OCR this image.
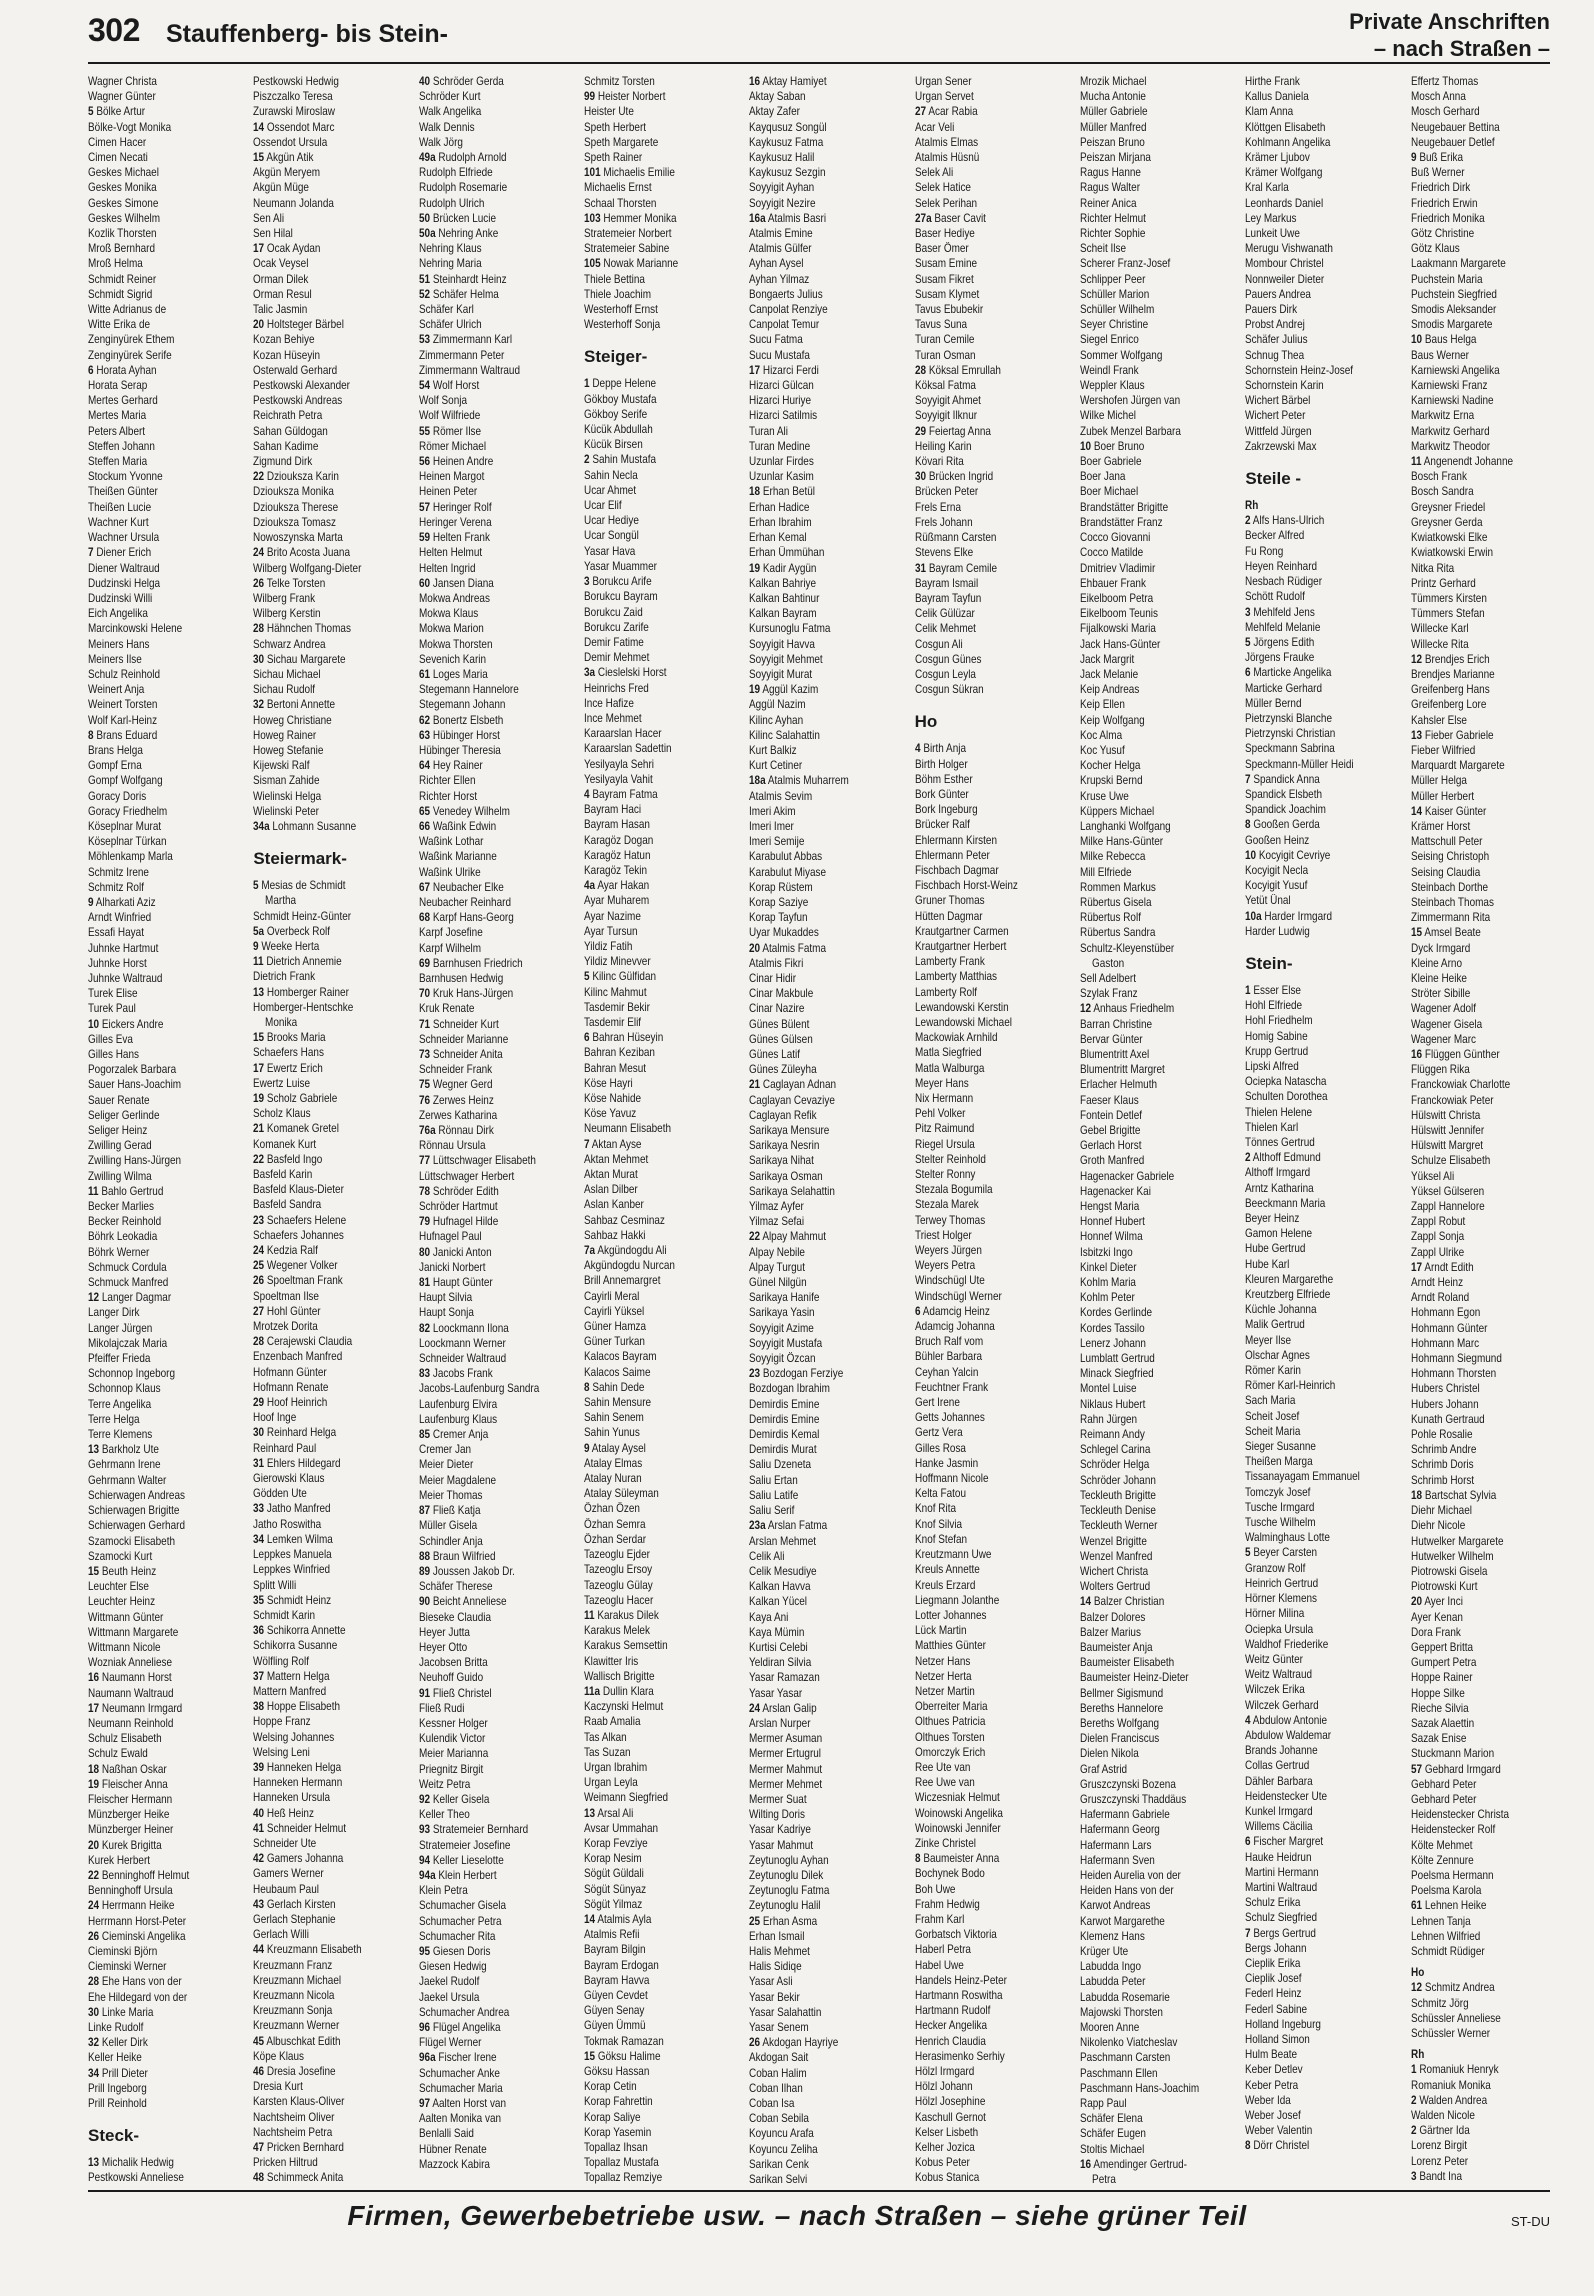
302 Stauffenberg- bis Stein-	Private Anschriften
– nach Straßen –
Wagner Christa
Wagner Günter
5 Bölke Artur
Bölke-Vogt Monika
Cimen Hacer
Cimen Necati
Geskes Michael
Geskes Monika
Geskes Simone
Geskes Wilhelm
Kozlik Thorsten
Mroß Bernhard
Mroß Helma
Schmidt Reiner
Schmidt Sigrid
Witte Adrianus de
Witte Erika de
Zenginyürek Ethem
Zenginyürek Serife
6 Horata Ayhan
Horata Serap
Mertes Gerhard
Mertes Maria
Peters Albert
Steffen Johann
Steffen Maria
Stockum Yvonne
Theißen Günter
Theißen Lucie
Wachner Kurt
Wachner Ursula
7 Diener Erich
Diener Waltraud
Dudzinski Helga
Dudzinski Willi
Eich Angelika
Marcinkowski Helene
Meiners Hans
Meiners Ilse
Schulz Reinhold
Weinert Anja
Weinert Torsten
Wolf Karl-Heinz
8 Brans Eduard
Brans Helga
Gompf Erna
Gompf Wolfgang
Goracy Doris
Goracy Friedhelm
Köseplnar Murat
Köseplnar Türkan
Möhlenkamp Marla
Schmitz Irene
Schmitz Rolf
9 Alharkati Aziz
Arndt Winfried
Essafi Hayat
Juhnke Hartmut
Juhnke Horst
Juhnke Waltraud
Turek Elise
Turek Paul
10 Eickers Andre
Gilles Eva
Gilles Hans
Pogorzalek Barbara
Sauer Hans-Joachim
Sauer Renate
Seliger Gerlinde
Seliger Heinz
Zwilling Gerad
Zwilling Hans-Jürgen
Zwilling Wilma
11 Bahlo Gertrud
Becker Marlies
Becker Reinhold
Böhrk Leokadia
Böhrk Werner
Schmuck Cordula
Schmuck Manfred
12 Langer Dagmar
Langer Dirk
Langer Jürgen
Mikolajczak Maria
Pfeiffer Frieda
Schonnop Ingeborg
Schonnop Klaus
Terre Angelika
Terre Helga
Terre Klemens
13 Barkholz Ute
Gehrmann Irene
Gehrmann Walter
Schierwagen Andreas
Schierwagen Brigitte
Schierwagen Gerhard
Szamocki Elisabeth
Szamocki Kurt
15 Beuth Heinz
Leuchter Else
Leuchter Heinz
Wittmann Günter
Wittmann Margarete
Wittmann Nicole
Wozniak Anneliese
16 Naumann Horst
Naumann Waltraud
17 Neumann Irmgard
Neumann Reinhold
Schulz Elisabeth
Schulz Ewald
18 Naßhan Oskar
19 Fleischer Anna
Fleischer Hermann
Münzberger Heike
Münzberger Heiner
20 Kurek Brigitta
Kurek Herbert
22 Benninghoff Helmut
Benninghoff Ursula
24 Herrmann Heike
Herrmann Horst-Peter
26 Cieminski Angelika
Cieminski Björn
Cieminski Werner
28 Ehe Hans von der
Ehe Hildegard von der
30 Linke Maria
Linke Rudolf
32 Keller Dirk
Keller Heike
34 Prill Dieter
Prill Ingeborg
Prill Reinhold
Steck-
13 Michalik Hedwig
Pestkowski Anneliese
Pestkowski Hedwig
Piszczalko Teresa
Zurawski Miroslaw
14 Ossendot Marc
Ossendot Ursula
15 Akgün Atik
Akgün Meryem
Akgün Müge
Neumann Jolanda
Sen Ali
Sen Hilal
17 Ocak Aydan
Ocak Veysel
Orman Dilek
Orman Resul
Talic Jasmin
20 Holtsteger Bärbel
Kozan Behiye
Kozan Hüseyin
Osterwald Gerhard
Pestkowski Alexander
Pestkowski Andreas
Reichrath Petra
Sahan Güldogan
Sahan Kadime
Zigmund Dirk
22 Dziouksza Karin
Dziouksza Monika
Dziouksza Therese
Dziouksza Tomasz
Nowoszynska Marta
24 Brito Acosta Juana
Wilberg Wolfgang-Dieter
26 Telke Torsten
Wilberg Frank
Wilberg Kerstin
28 Hähnchen Thomas
Schwarz Andrea
30 Sichau Margarete
Sichau Michael
Sichau Rudolf
32 Bertoni Annette
Howeg Christiane
Howeg Rainer
Howeg Stefanie
Kijewski Ralf
Sisman Zahide
Wielinski Helga
Wielinski Peter
34a Lohmann Susanne
Steiermark-
5 Mesias de Schmidt
Martha
Schmidt Heinz-Günter
5a Overbeck Rolf
9 Weeke Herta
11 Dietrich Annemie
Dietrich Frank
13 Homberger Rainer
Homberger-Hentschke
Monika
15 Brooks Maria
Schaefers Hans
17 Ewertz Erich
Ewertz Luise
19 Scholz Gabriele
Scholz Klaus
21 Komanek Gretel
Komanek Kurt
22 Basfeld Ingo
Basfeld Karin
Basfeld Klaus-Dieter
Basfeld Sandra
23 Schaefers Helene
Schaefers Johannes
24 Kedzia Ralf
25 Wegener Volker
26 Spoeltman Frank
Spoeltman Ilse
27 Hohl Günter
Mrotzek Dorita
28 Cerajewski Claudia
Enzenbach Manfred
Hofmann Günter
Hofmann Renate
29 Hoof Heinrich
Hoof Inge
30 Reinhard Helga
Reinhard Paul
31 Ehlers Hildegard
Gierowski Klaus
Gödden Ute
33 Jatho Manfred
Jatho Roswitha
34 Lemken Wilma
Leppkes Manuela
Leppkes Winfried
Splitt Willi
35 Schmidt Heinz
Schmidt Karin
36 Schikorra Annette
Schikorra Susanne
Wölfling Rolf
37 Mattern Helga
Mattern Manfred
38 Hoppe Elisabeth
Hoppe Franz
Welsing Johannes
Welsing Leni
39 Hanneken Helga
Hanneken Hermann
Hanneken Ursula
40 Heß Heinz
41 Schneider Helmut
Schneider Ute
42 Gamers Johanna
Gamers Werner
Heubaum Paul
43 Gerlach Kirsten
Gerlach Stephanie
Gerlach Willi
44 Kreuzmann Elisabeth
Kreuzmann Franz
Kreuzmann Michael
Kreuzmann Nicola
Kreuzmann Sonja
Kreuzmann Werner
45 Albuschkat Edith
Köpe Klaus
46 Dresia Josefine
Dresia Kurt
Karsten Klaus-Oliver
Nachtsheim Oliver
Nachtsheim Petra
47 Pricken Bernhard
Pricken Hiltrud
48 Schimmeck Anita
40 Schröder Gerda
Schröder Kurt
Walk Angelika
Walk Dennis
Walk Jörg
49a Rudolph Arnold
Rudolph Elfriede
Rudolph Rosemarie
Rudolph Ulrich
50 Brücken Lucie
50a Nehring Anke
Nehring Klaus
Nehring Maria
51 Steinhardt Heinz
52 Schäfer Helma
Schäfer Karl
Schäfer Ulrich
53 Zimmermann Karl
Zimmermann Peter
Zimmermann Waltraud
54 Wolf Horst
Wolf Sonja
Wolf Wilfriede
55 Römer Ilse
Römer Michael
56 Heinen Andre
Heinen Margot
Heinen Peter
57 Heringer Rolf
Heringer Verena
59 Helten Frank
Helten Helmut
Helten Ingrid
60 Jansen Diana
Mokwa Andreas
Mokwa Klaus
Mokwa Marion
Mokwa Thorsten
Sevenich Karin
61 Loges Maria
Stegemann Hannelore
Stegemann Johann
62 Bonertz Elsbeth
63 Hübinger Horst
Hübinger Theresia
64 Hey Rainer
Richter Ellen
Richter Horst
65 Venedey Wilhelm
66 Waßink Edwin
Waßink Lothar
Waßink Marianne
Waßink Ulrike
67 Neubacher Elke
Neubacher Reinhard
68 Karpf Hans-Georg
Karpf Josefine
Karpf Wilhelm
69 Barnhusen Friedrich
Barnhusen Hedwig
70 Kruk Hans-Jürgen
Kruk Renate
71 Schneider Kurt
Schneider Marianne
73 Schneider Anita
Schneider Frank
75 Wegner Gerd
76 Zerwes Heinz
Zerwes Katharina
76a Rönnau Dirk
Rönnau Ursula
77 Lüttschwager Elisabeth
Lüttschwager Herbert
78 Schröder Edith
Schröder Hartmut
79 Hufnagel Hilde
Hufnagel Paul
80 Janicki Anton
Janicki Norbert
81 Haupt Günter
Haupt Silvia
Haupt Sonja
82 Loockmann Ilona
Loockmann Werner
Schneider Waltraud
83 Jacobs Frank
Jacobs-Laufenburg Sandra
Laufenburg Elvira
Laufenburg Klaus
85 Cremer Anja
Cremer Jan
Meier Dieter
Meier Magdalene
Meier Thomas
87 Fließ Katja
Müller Gisela
Schindler Anja
88 Braun Wilfried
89 Joussen Jakob Dr.
Schäfer Therese
90 Beicht Anneliese
Bieseke Claudia
Heyer Jutta
Heyer Otto
Jacobsen Britta
Neuhoff Guido
91 Fließ Christel
Fließ Rudi
Kessner Holger
Kulendik Victor
Meier Marianna
Priegnitz Birgit
Weitz Petra
92 Keller Gisela
Keller Theo
93 Stratemeier Bernhard
Stratemeier Josefine
94 Keller Lieselotte
94a Klein Herbert
Klein Petra
Schumacher Gisela
Schumacher Petra
Schumacher Rita
95 Giesen Doris
Giesen Hedwig
Jaekel Rudolf
Jaekel Ursula
Schumacher Andrea
96 Flügel Angelika
Flügel Werner
96a Fischer Irene
Schumacher Anke
Schumacher Maria
97 Aalten Horst van
Aalten Monika van
Benlalli Said
Hübner Renate
Mazzock Kabira
Schmitz Torsten
99 Heister Norbert
Heister Ute
Speth Herbert
Speth Margarete
Speth Rainer
101 Michaelis Emilie
Michaelis Ernst
Schaal Thorsten
103 Hemmer Monika
Stratemeier Norbert
Stratemeier Sabine
105 Nowak Marianne
Thiele Bettina
Thiele Joachim
Westerhoff Ernst
Westerhoff Sonja
Steiger-
1 Deppe Helene
Gökboy Mustafa
Gökboy Serife
Kücük Abdullah
Kücük Birsen
2 Sahin Mustafa
Sahin Necla
Ucar Ahmet
Ucar Elif
Ucar Hediye
Ucar Songül
Yasar Hava
Yasar Muammer
3 Borukcu Arife
Borukcu Bayram
Borukcu Zaid
Borukcu Zarife
Demir Fatime
Demir Mehmet
3a Cieslelski Horst
Heinrichs Fred
Ince Hafize
Ince Mehmet
Karaarslan Hacer
Karaarslan Sadettin
Yesilyayla Sehri
Yesilyayla Vahit
4 Bayram Fatma
Bayram Haci
Bayram Hasan
Karagöz Dogan
Karagöz Hatun
Karagöz Tekin
4a Ayar Hakan
Ayar Muharem
Ayar Nazime
Ayar Tursun
Yildiz Fatih
Yildiz Minevver
5 Kilinc Gülfidan
Kilinc Mahmut
Tasdemir Bekir
Tasdemir Elif
6 Bahran Hüseyin
Bahran Keziban
Bahran Mesut
Köse Hayri
Köse Nahide
Köse Yavuz
Neumann Elisabeth
7 Aktan Ayse
Aktan Mehmet
Aktan Murat
Aslan Dilber
Aslan Kanber
Sahbaz Cesminaz
Sahbaz Hakki
7a Akgündogdu Ali
Akgündogdu Nurcan
Brill Annemargret
Cayirli Meral
Cayirli Yüksel
Güner Hamza
Güner Turkan
Kalacos Bayram
Kalacos Saime
8 Sahin Dede
Sahin Mensure
Sahin Senem
Sahin Yunus
9 Atalay Aysel
Atalay Elmas
Atalay Nuran
Atalay Süleyman
Özhan Özen
Özhan Semra
Özhan Serdar
Tazeoglu Ejder
Tazeoglu Ersoy
Tazeoglu Gülay
Tazeoglu Hacer
11 Karakus Dilek
Karakus Melek
Karakus Semsettin
Klawitter Iris
Wallisch Brigitte
11a Dullin Klara
Kaczynski Helmut
Raab Amalia
Tas Alkan
Tas Suzan
Urgan Ibrahim
Urgan Leyla
Weimann Siegfried
13 Arsal Ali
Avsar Ummahan
Korap Fevziye
Korap Nesim
Sögüt Güldali
Sögüt Sünyaz
Sögüt Yilmaz
14 Atalmis Ayla
Atalmis Refii
Bayram Bilgin
Bayram Erdogan
Bayram Havva
Güyen Cevdet
Güyen Senay
Güyen Ümmü
Tokmak Ramazan
15 Göksu Halime
Göksu Hassan
Korap Cetin
Korap Fahrettin
Korap Saliye
Korap Yasemin
Topallaz Ihsan
Topallaz Mustafa
Topallaz Remziye
16 Aktay Hamiyet
Aktay Saban
Aktay Zafer
Kayqusuz Songül
Kaykusuz Fatma
Kaykusuz Halil
Kaykusuz Sezgin
Soyyigit Ayhan
Soyyigit Nezire
16a Atalmis Basri
Atalmis Emine
Atalmis Gülfer
Ayhan Aysel
Ayhan Yilmaz
Bongaerts Julius
Canpolat Renziye
Canpolat Temur
Sucu Fatma
Sucu Mustafa
17 Hizarci Ferdi
Hizarci Gülcan
Hizarci Huriye
Hizarci Satilmis
Turan Ali
Turan Medine
Uzunlar Firdes
Uzunlar Kasim
18 Erhan Betül
Erhan Hadice
Erhan Ibrahim
Erhan Kemal
Erhan Ümmühan
19 Kadir Aygün
Kalkan Bahriye
Kalkan Bahtinur
Kalkan Bayram
Kursunoglu Fatma
Soyyigit Havva
Soyyigit Mehmet
Soyyigit Murat
19 Aggül Kazim
Aggül Nazim
Kilinc Ayhan
Kilinc Salahattin
Kurt Balkiz
Kurt Cetiner
18a Atalmis Muharrem
Atalmis Sevim
Imeri Akim
Imeri Imer
Imeri Semije
Karabulut Abbas
Karabulut Miyase
Korap Rüstem
Korap Saziye
Korap Tayfun
Uyar Mukaddes
20 Atalmis Fatma
Atalmis Fikri
Cinar Hidir
Cinar Makbule
Cinar Nazire
Günes Bülent
Günes Gülsen
Günes Latif
Günes Züleyha
21 Caglayan Adnan
Caglayan Cevaziye
Caglayan Refik
Sarikaya Mensure
Sarikaya Nesrin
Sarikaya Nihat
Sarikaya Osman
Sarikaya Selahattin
Yilmaz Ayfer
Yilmaz Sefai
22 Alpay Mahmut
Alpay Nebile
Alpay Turgut
Günel Nilgün
Sarikaya Hanife
Sarikaya Yasin
Soyyigit Azime
Soyyigit Mustafa
Soyyigit Özcan
23 Bozdogan Ferziye
Bozdogan Ibrahim
Demirdis Emine
Demirdis Emine
Demirdis Kemal
Demirdis Murat
Saliu Dzeneta
Saliu Ertan
Saliu Latife
Saliu Serif
23a Arslan Fatma
Arslan Mehmet
Celik Ali
Celik Mesudiye
Kalkan Havva
Kalkan Yücel
Kaya Ani
Kaya Mümin
Kurtisi Celebi
Yeldiran Silvia
Yasar Ramazan
Yasar Yasar
24 Arslan Galip
Arslan Nurper
Mermer Asuman
Mermer Ertugrul
Mermer Mahmut
Mermer Mehmet
Mermer Suat
Wilting Doris
Yasar Kadriye
Yasar Mahmut
Zeytunoglu Ayhan
Zeytunoglu Dilek
Zeytunoglu Fatma
Zeytunoglu Halil
25 Erhan Asma
Erhan Ismail
Halis Mehmet
Halis Sidiqe
Yasar Asli
Yasar Bekir
Yasar Salahattin
Yasar Senem
26 Akdogan Hayriye
Akdogan Sait
Coban Halim
Coban Ilhan
Coban Isa
Coban Sebila
Koyuncu Arafa
Koyuncu Zeliha
Sarikan Cenk
Sarikan Selvi
Urgan Sener
Urgan Servet
27 Acar Rabia
Acar Veli
Atalmis Elmas
Atalmis Hüsnü
Selek Ali
Selek Hatice
Selek Perihan
27a Baser Cavit
Baser Hediye
Baser Ömer
Susam Emine
Susam Fikret
Susam Klymet
Tavus Ebubekir
Tavus Suna
Turan Cemile
Turan Osman
28 Köksal Emrullah
Köksal Fatma
Soyyigit Ahmet
Soyyigit Ilknur
29 Feiertag Anna
Heiling Karin
Kövari Rita
30 Brücken Ingrid
Brücken Peter
Frels Erna
Frels Johann
Rüßmann Carsten
Stevens Elke
31 Bayram Cemile
Bayram Ismail
Bayram Tayfun
Celik Gülüzar
Celik Mehmet
Cosgun Ali
Cosgun Günes
Cosgun Leyla
Cosgun Sükran
Ho
4 Birth Anja
Birth Holger
Böhm Esther
Bork Günter
Bork Ingeburg
Brücker Ralf
Ehlermann Kirsten
Ehlermann Peter
Fischbach Dagmar
Fischbach Horst-Weinz
Gruner Thomas
Hütten Dagmar
Krautgartner Carmen
Krautgartner Herbert
Lamberty Frank
Lamberty Matthias
Lamberty Rolf
Lewandowski Kerstin
Lewandowski Michael
Mackowiak Arnhild
Matla Siegfried
Matla Walburga
Meyer Hans
Nix Hermann
Pehl Volker
Pitz Raimund
Riegel Ursula
Stelter Reinhold
Stelter Ronny
Stezala Bogumila
Stezala Marek
Terwey Thomas
Triest Holger
Weyers Jürgen
Weyers Petra
Windschügl Ute
Windschügl Werner
6 Adamcig Heinz
Adamcig Johanna
Bruch Ralf vom
Bühler Barbara
Ceyhan Yalcin
Feuchtner Frank
Gert Irene
Getts Johannes
Gertz Vera
Gilles Rosa
Hanke Jasmin
Hoffmann Nicole
Kelta Fatou
Knof Rita
Knof Silvia
Knof Stefan
Kreutzmann Uwe
Kreuls Annette
Kreuls Erzard
Liegmann Jolanthe
Lotter Johannes
Lück Martin
Matthies Günter
Netzer Hans
Netzer Herta
Netzer Martin
Oberreiter Maria
Olthues Patricia
Olthues Torsten
Omorczyk Erich
Ree Ute van
Ree Uwe van
Wiczesniak Helmut
Woinowski Angelika
Woinowski Jennifer
Zinke Christel
8 Baumeister Anna
Bochynek Bodo
Boh Uwe
Frahm Hedwig
Frahm Karl
Gorbatsch Viktoria
Haberl Petra
Habel Uwe
Handels Heinz-Peter
Hartmann Roswitha
Hartmann Rudolf
Hecker Angelika
Henrich Claudia
Herasimenko Serhiy
Hölzl Irmgard
Hölzl Johann
Hölzl Josephine
Kaschull Gernot
Kelser Lisbeth
Kelher Jozica
Kobus Peter
Kobus Stanica
Mrozik Michael
Mucha Antonie
Müller Gabriele
Müller Manfred
Peiszan Bruno
Peiszan Mirjana
Ragus Hanne
Ragus Walter
Reiner Anica
Richter Helmut
Richter Sophie
Scheit Ilse
Scherer Franz-Josef
Schlipper Peer
Schüller Marion
Schüller Wilhelm
Seyer Christine
Siegel Enrico
Sommer Wolfgang
Weindl Frank
Weppler Klaus
Wershofen Jürgen van
Wilke Michel
Zubek Menzel Barbara
10 Boer Bruno
Boer Gabriele
Boer Jana
Boer Michael
Brandstätter Brigitte
Brandstätter Franz
Cocco Giovanni
Cocco Matilde
Dmitriev Vladimir
Ehbauer Frank
Eikelboom Petra
Eikelboom Teunis
Fijalkowski Maria
Jack Hans-Günter
Jack Margrit
Jack Melanie
Keip Andreas
Keip Ellen
Keip Wolfgang
Koc Alma
Koc Yusuf
Kocher Helga
Krupski Bernd
Kruse Uwe
Küppers Michael
Langhanki Wolfgang
Milke Hans-Günter
Milke Rebecca
Mill Elfriede
Rommen Markus
Rübertus Gisela
Rübertus Rolf
Rübertus Sandra
Schultz-Kleyenstüber
Gaston
Sell Adelbert
Szylak Franz
12 Anhaus Friedhelm
Barran Christine
Bervar Günter
Blumentritt Axel
Blumentritt Margret
Erlacher Helmuth
Faeser Klaus
Fontein Detlef
Gebel Brigitte
Gerlach Horst
Groth Manfred
Hagenacker Gabriele
Hagenacker Kai
Hengst Maria
Honnef Hubert
Honnef Wilma
Isbitzki Ingo
Kinkel Dieter
Kohlm Maria
Kohlm Peter
Kordes Gerlinde
Kordes Tassilo
Lenerz Johann
Lumblatt Gertrud
Minack Siegfried
Montel Luise
Niklaus Hubert
Rahn Jürgen
Reimann Andy
Schlegel Carina
Schröder Helga
Schröder Johann
Teckleuth Brigitte
Teckleuth Denise
Teckleuth Werner
Wenzel Brigitte
Wenzel Manfred
Wichert Christa
Wolters Gertrud
14 Balzer Christian
Balzer Dolores
Balzer Marius
Baumeister Anja
Baumeister Elisabeth
Baumeister Heinz-Dieter
Bellmer Sigismund
Bereths Hannelore
Bereths Wolfgang
Dielen Franciscus
Dielen Nikola
Graf Astrid
Gruszczynski Bozena
Gruszczynski Thaddäus
Hafermann Gabriele
Hafermann Georg
Hafermann Lars
Hafermann Sven
Heiden Aurelia von der
Heiden Hans von der
Karwot Andreas
Karwot Margarethe
Klemenz Hans
Krüger Ute
Labudda Ingo
Labudda Peter
Labudda Rosemarie
Majowski Thorsten
Mooren Anne
Nikolenko Viatcheslav
Paschmann Carsten
Paschmann Ellen
Paschmann Hans-Joachim
Rapp Paul
Schäfer Elena
Schäfer Eugen
Stoltis Michael
16 Amendinger Gertrud-
Petra
Hirthe Frank
Kallus Daniela
Klam Anna
Klöttgen Elisabeth
Kohlmann Angelika
Krämer Ljubov
Krämer Wolfgang
Kral Karla
Leonhards Daniel
Ley Markus
Lunkeit Uwe
Merugu Vishwanath
Mombour Christel
Nonnweiler Dieter
Pauers Andrea
Pauers Dirk
Probst Andrej
Schäfer Julius
Schnug Thea
Schornstein Heinz-Josef
Schornstein Karin
Wichert Bärbel
Wichert Peter
Wittfeld Jürgen
Zakrzewski Max
Steile -
Rh
2 Alfs Hans-Ulrich
Becker Alfred
Fu Rong
Heyen Reinhard
Nesbach Rüdiger
Schött Rudolf
3 Mehlfeld Jens
Mehlfeld Melanie
5 Jörgens Edith
Jörgens Frauke
6 Marticke Angelika
Marticke Gerhard
Müller Bernd
Pietrzynski Blanche
Pietrzynski Christian
Speckmann Sabrina
Speckmann-Müller Heidi
7 Spandick Anna
Spandick Elsbeth
Spandick Joachim
8 Gooßen Gerda
Gooßen Heinz
10 Kocyigit Cevriye
Kocyigit Necla
Kocyigit Yusuf
Yetüt Ünal
10a Harder Irmgard
Harder Ludwig
Stein-
1 Esser Else
Hohl Elfriede
Hohl Friedhelm
Homig Sabine
Krupp Gertrud
Lipski Alfred
Ociepka Natascha
Schulten Dorothea
Thielen Helene
Thielen Karl
Tönnes Gertrud
2 Althoff Edmund
Althoff Irmgard
Arntz Katharina
Beeckmann Maria
Beyer Heinz
Gamon Helene
Hube Gertrud
Hube Karl
Kleuren Margarethe
Kreutzberg Elfriede
Küchle Johanna
Malik Gertrud
Meyer Ilse
Olschar Agnes
Römer Karin
Römer Karl-Heinrich
Sach Maria
Scheit Josef
Scheit Maria
Sieger Susanne
Theißen Marga
Tissanayagam Emmanuel
Tomczyk Josef
Tusche Irmgard
Tusche Wilhelm
Walminghaus Lotte
5 Beyer Carsten
Granzow Rolf
Heinrich Gertrud
Hörner Klemens
Hörner Milina
Ociepka Ursula
Waldhof Friederike
Weitz Günter
Weitz Waltraud
Wilczek Erika
Wilczek Gerhard
4 Abdulow Antonie
Abdulow Waldemar
Brands Johanne
Collas Gertrud
Dähler Barbara
Heidenstecker Ute
Kunkel Irmgard
Willems Cäcilia
6 Fischer Margret
Hauke Heidrun
Martini Hermann
Martini Waltraud
Schulz Erika
Schulz Siegfried
7 Bergs Gertrud
Bergs Johann
Cieplik Erika
Cieplik Josef
Federl Heinz
Federl Sabine
Holland Ingeburg
Holland Simon
Hulm Beate
Keber Detlev
Keber Petra
Weber Ida
Weber Josef
Weber Valentin
8 Dörr Christel
Effertz Thomas
Mosch Anna
Mosch Gerhard
Neugebauer Bettina
Neugebauer Detlef
9 Buß Erika
Buß Werner
Friedrich Dirk
Friedrich Erwin
Friedrich Monika
Götz Christine
Götz Klaus
Laakmann Margarete
Puchstein Maria
Puchstein Siegfried
Smodis Aleksander
Smodis Margarete
10 Baus Helga
Baus Werner
Karniewski Angelika
Karniewski Franz
Karniewski Nadine
Markwitz Erna
Markwitz Gerhard
Markwitz Theodor
11 Angenendt Johanne
Bosch Frank
Bosch Sandra
Greysner Friedel
Greysner Gerda
Kwiatkowski Elke
Kwiatkowski Erwin
Nitka Rita
Printz Gerhard
Tümmers Kirsten
Tümmers Stefan
Willecke Karl
Willecke Rita
12 Brendjes Erich
Brendjes Marianne
Greifenberg Hans
Greifenberg Lore
Kahsler Else
13 Fieber Gabriele
Fieber Wilfried
Marquardt Margarete
Müller Helga
Müller Herbert
14 Kaiser Günter
Krämer Horst
Mattschull Peter
Seising Christoph
Seising Claudia
Steinbach Dorthe
Steinbach Thomas
Zimmermann Rita
15 Amsel Beate
Dyck Irmgard
Kleine Arno
Kleine Heike
Ströter Sibille
Wagener Adolf
Wagener Gisela
Wagener Marc
16 Flüggen Günther
Flüggen Rika
Franckowiak Charlotte
Franckowiak Peter
Hülswitt Christa
Hülswitt Jennifer
Hülswitt Margret
Schulze Elisabeth
Yüksel Ali
Yüksel Gülseren
Zappl Hannelore
Zappl Robut
Zappl Sonja
Zappl Ulrike
17 Arndt Edith
Arndt Heinz
Arndt Roland
Hohmann Egon
Hohmann Günter
Hohmann Marc
Hohmann Siegmund
Hohmann Thorsten
Hubers Christel
Hubers Johann
Kunath Gertraud
Pohle Rosalie
Schrimb Andre
Schrimb Doris
Schrimb Horst
18 Bartschat Sylvia
Diehr Michael
Diehr Nicole
Hutwelker Margarete
Hutwelker Wilhelm
Piotrowski Gisela
Piotrowski Kurt
20 Ayer Inci
Ayer Kenan
Dora Frank
Geppert Britta
Gumpert Petra
Hoppe Rainer
Hoppe Silke
Rieche Silvia
Sazak Alaettin
Sazak Enise
Stuckmann Marion
57 Gebhard Irmgard
Gebhard Peter
Gebhard Peter
Heidenstecker Christa
Heidenstecker Rolf
Költe Mehmet
Költe Zennure
Poelsma Hermann
Poelsma Karola
61 Lehnen Heike
Lehnen Tanja
Lehnen Wilfried
Schmidt Rüdiger
Ho
12 Schmitz Andrea
Schmitz Jörg
Schüssler Anneliese
Schüssler Werner
Rh
1 Romaniuk Henryk
Romaniuk Monika
2 Walden Andrea
Walden Nicole
2 Gärtner Ida
Lorenz Birgit
Lorenz Peter
3 Bandt Ina
Firmen, Gewerbebetriebe usw. – nach Straßen – siehe grüner Teil	ST-DU
